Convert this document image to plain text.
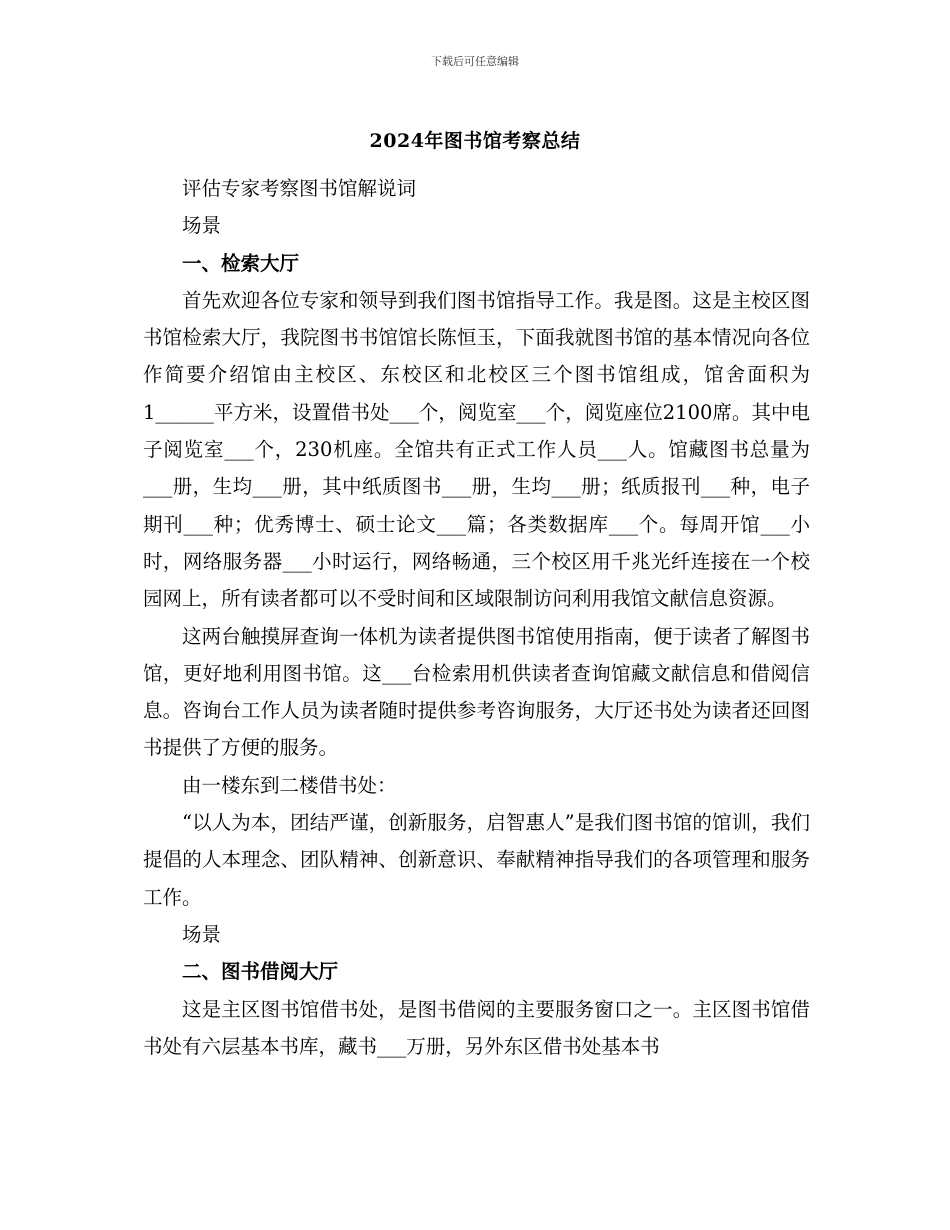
下载后可任意编辑
2024年图书馆考察总结

评估专家考察图书馆解说词

场景

一、检索大厅

首先欢迎各位专家和领导到我们图书馆指导工作。我是图。这是主校区图书馆检索大厅，我院图书书馆馆长陈恒玉，下面我就图书馆的基本情况向各位作简要介绍馆由主校区、东校区和北校区三个图书馆组成，馆舍面积为1______平方米，设置借书处___个，阅览室___个，阅览座位2100席。其中电子阅览室___个，230机座。全馆共有正式工作人员___人。馆藏图书总量为___册，生均___册，其中纸质图书___册，生均___册；纸质报刊___种，电子期刊___种；优秀博士、硕士论文___篇；各类数据库___个。每周开馆___小时，网络服务器___小时运行，网络畅通，三个校区用千兆光纤连接在一个校园网上，所有读者都可以不受时间和区域限制访问利用我馆文献信息资源。

这两台触摸屏查询一体机为读者提供图书馆使用指南，便于读者了解图书馆，更好地利用图书馆。这___台检索用机供读者查询馆藏文献信息和借阅信息。咨询台工作人员为读者随时提供参考咨询服务，大厅还书处为读者还回图书提供了方便的服务。

由一楼东到二楼借书处：

“以人为本，团结严谨，创新服务，启智惠人”是我们图书馆的馆训，我们提倡的人本理念、团队精神、创新意识、奉献精神指导我们的各项管理和服务工作。

场景

二、图书借阅大厅

这是主区图书馆借书处，是图书借阅的主要服务窗口之一。主区图书馆借书处有六层基本书库，藏书___万册，另外东区借书处基本书
